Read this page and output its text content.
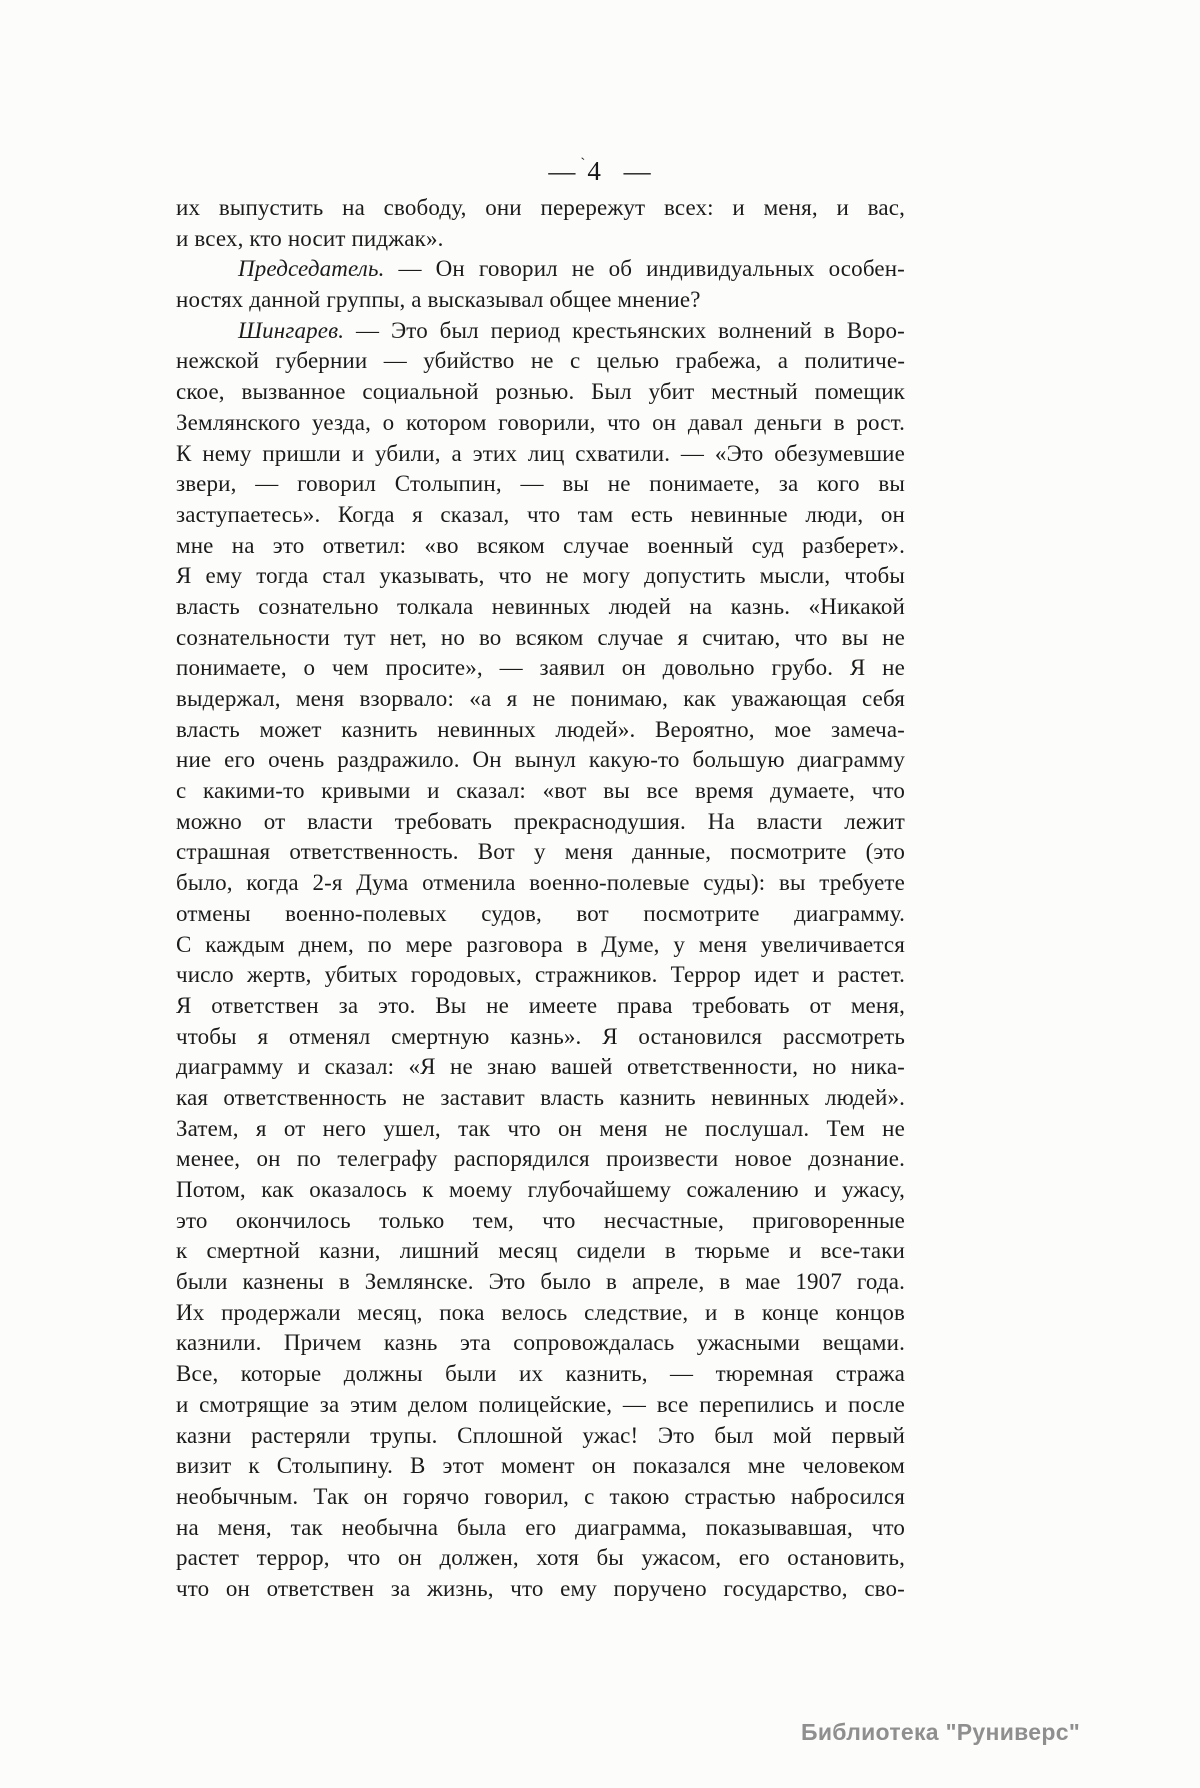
— `4 —
их выпустить на свободу, они перережут всех: и меня, и вас,
и всех, кто носит пиджак».
Председатель. — Он говорил не об индивидуальных особен-
ностях данной группы, а высказывал общее мнение?
Шингарев. — Это был период крестьянских волнений в Воро-
нежской губернии — убийство не с целью грабежа, а политиче-
ское, вызванное социальной рознью. Был убит местный помещик
Землянского уезда, о котором говорили, что он давал деньги в рост.
К нему пришли и убили, а этих лиц схватили. — «Это обезумевшие
звери, — говорил Столыпин, — вы не понимаете, за кого вы
заступаетесь». Когда я сказал, что там есть невинные люди, он
мне на это ответил: «во всяком случае военный суд разберет».
Я ему тогда стал указывать, что не могу допустить мысли, чтобы
власть сознательно толкала невинных людей на казнь. «Никакой
сознательности тут нет, но во всяком случае я считаю, что вы не
понимаете, о чем просите», — заявил он довольно грубо. Я не
выдержал, меня взорвало: «а я не понимаю, как уважающая себя
власть может казнить невинных людей». Вероятно, мое замеча-
ние его очень раздражило. Он вынул какую-то большую диаграмму
с какими-то кривыми и сказал: «вот вы все время думаете, что
можно от власти требовать прекраснодушия. На власти лежит
страшная ответственность. Вот у меня данные, посмотрите (это
было, когда 2-я Дума отменила военно-полевые суды): вы требуете
отмены военно-полевых судов, вот посмотрите диаграмму.
С каждым днем, по мере разговора в Думе, у меня увеличивается
число жертв, убитых городовых, стражников. Террор идет и растет.
Я ответствен за это. Вы не имеете права требовать от меня,
чтобы я отменял смертную казнь». Я остановился рассмотреть
диаграмму и сказал: «Я не знаю вашей ответственности, но ника-
кая ответственность не заставит власть казнить невинных людей».
Затем, я от него ушел, так что он меня не послушал. Тем не
менее, он по телеграфу распорядился произвести новое дознание.
Потом, как оказалось к моему глубочайшему сожалению и ужасу,
это окончилось только тем, что несчастные, приговоренные
к смертной казни, лишний месяц сидели в тюрьме и все-таки
были казнены в Землянске. Это было в апреле, в мае 1907 года.
Их продержали месяц, пока велось следствие, и в конце концов
казнили. Причем казнь эта сопровождалась ужасными вещами.
Все, которые должны были их казнить, — тюремная стража
и смотрящие за этим делом полицейские, — все перепились и после
казни растеряли трупы. Сплошной ужас! Это был мой первый
визит к Столыпину. В этот момент он показался мне человеком
необычным. Так он горячо говорил, с такою страстью набросился
на меня, так необычна была его диаграмма, показывавшая, что
растет террор, что он должен, хотя бы ужасом, его остановить,
что он ответствен за жизнь, что ему поручено государство, сво-
Библиотека "Руниверс"
